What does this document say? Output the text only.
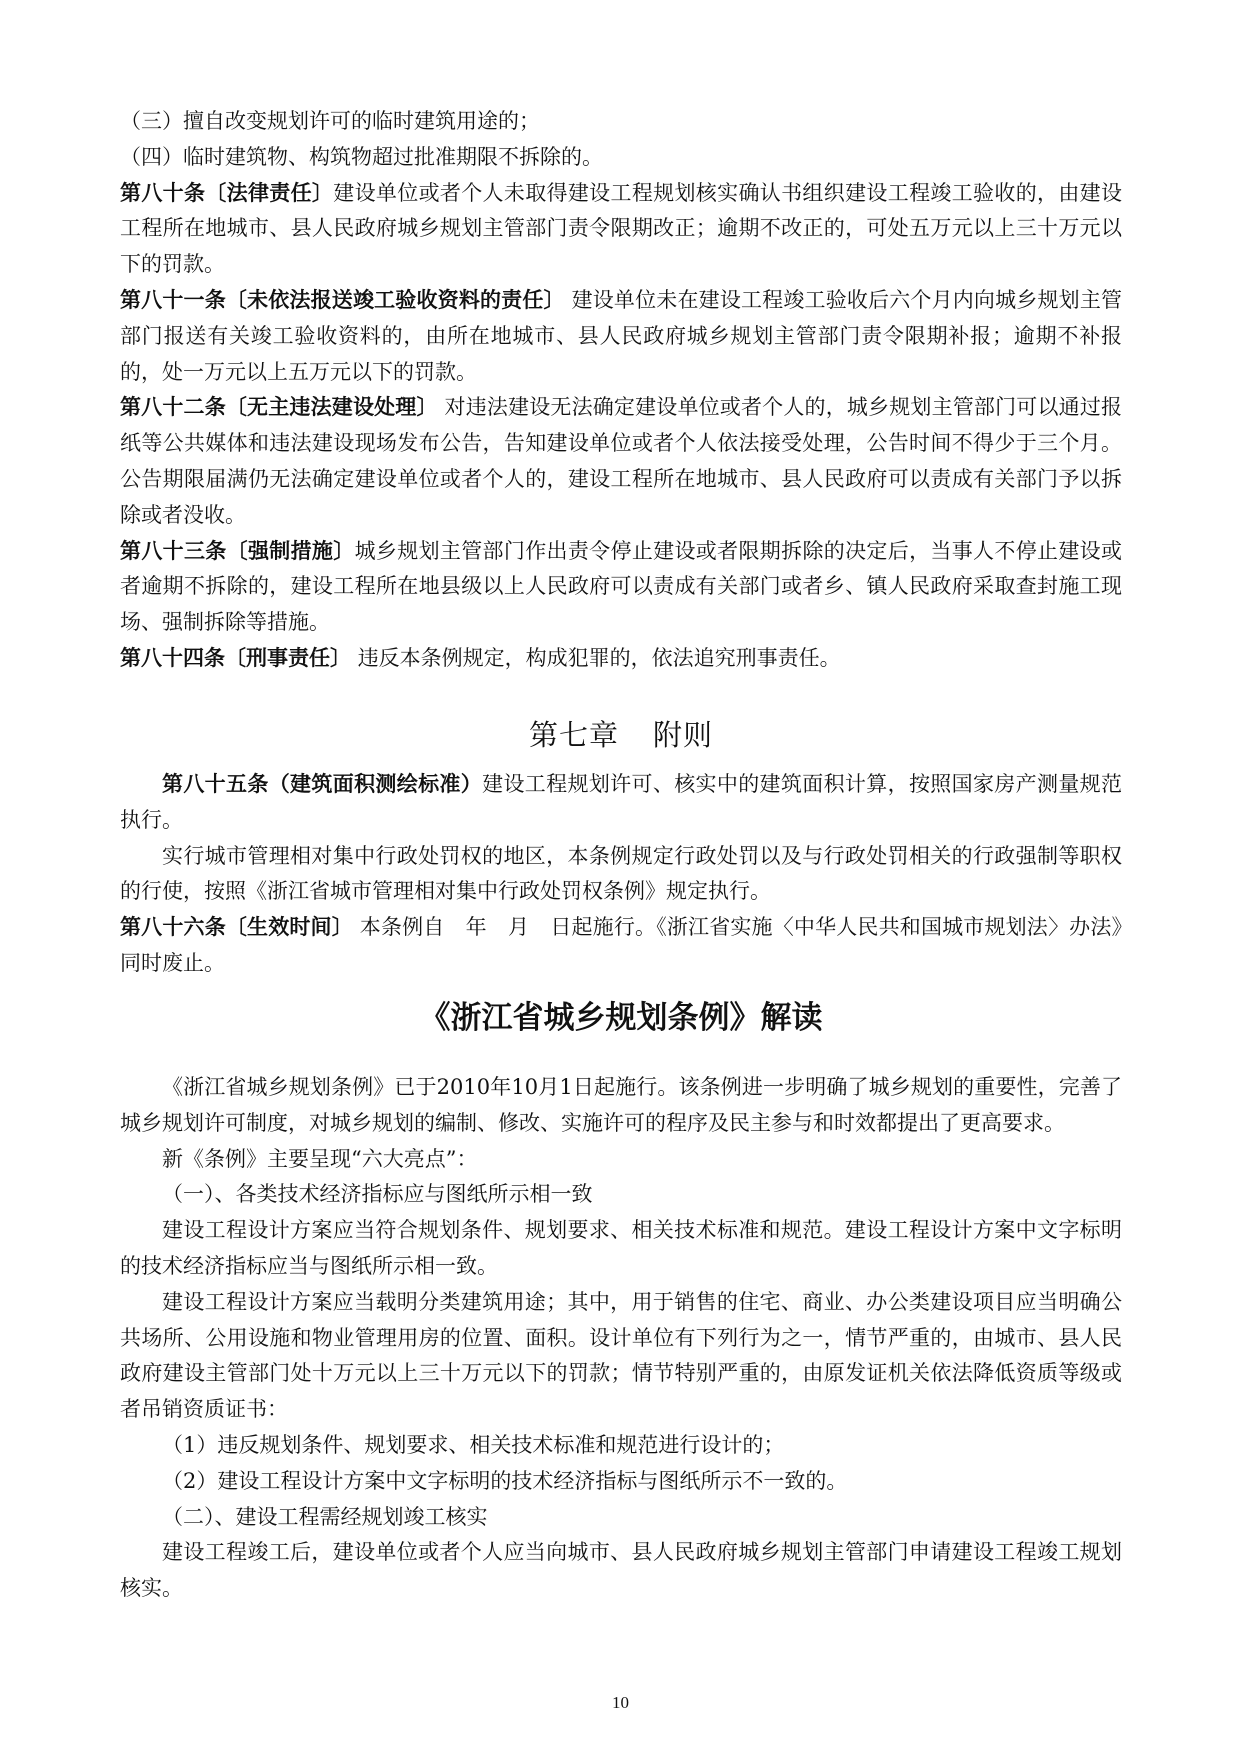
（三）擅自改变规划许可的临时建筑用途的；

（四）临时建筑物、构筑物超过批准期限不拆除的。

第八十条〔法律责任〕建设单位或者个人未取得建设工程规划核实确认书组织建设工程竣工验收的，由建设工程所在地城市、县人民政府城乡规划主管部门责令限期改正；逾期不改正的，可处五万元以上三十万元以下的罚款。

第八十一条〔未依法报送竣工验收资料的责任〕 建设单位未在建设工程竣工验收后六个月内向城乡规划主管部门报送有关竣工验收资料的，由所在地城市、县人民政府城乡规划主管部门责令限期补报；逾期不补报的，处一万元以上五万元以下的罚款。

第八十二条〔无主违法建设处理〕 对违法建设无法确定建设单位或者个人的，城乡规划主管部门可以通过报纸等公共媒体和违法建设现场发布公告，告知建设单位或者个人依法接受处理，公告时间不得少于三个月。公告期限届满仍无法确定建设单位或者个人的，建设工程所在地城市、县人民政府可以责成有关部门予以拆除或者没收。

第八十三条〔强制措施〕城乡规划主管部门作出责令停止建设或者限期拆除的决定后，当事人不停止建设或者逾期不拆除的，建设工程所在地县级以上人民政府可以责成有关部门或者乡、镇人民政府采取查封施工现场、强制拆除等措施。

第八十四条〔刑事责任〕 违反本条例规定，构成犯罪的，依法追究刑事责任。

第七章 附则

第八十五条（建筑面积测绘标准）建设工程规划许可、核实中的建筑面积计算，按照国家房产测量规范执行。

实行城市管理相对集中行政处罚权的地区，本条例规定行政处罚以及与行政处罚相关的行政强制等职权的行使，按照《浙江省城市管理相对集中行政处罚权条例》规定执行。

第八十六条〔生效时间〕 本条例自　年　月　日起施行。《浙江省实施〈中华人民共和国城市规划法〉办法》同时废止。

《浙江省城乡规划条例》解读

《浙江省城乡规划条例》已于2010年10月1日起施行。该条例进一步明确了城乡规划的重要性，完善了城乡规划许可制度，对城乡规划的编制、修改、实施许可的程序及民主参与和时效都提出了更高要求。

新《条例》主要呈现“六大亮点”：

（一）、各类技术经济指标应与图纸所示相一致

建设工程设计方案应当符合规划条件、规划要求、相关技术标准和规范。建设工程设计方案中文字标明的技术经济指标应当与图纸所示相一致。

建设工程设计方案应当载明分类建筑用途；其中，用于销售的住宅、商业、办公类建设项目应当明确公共场所、公用设施和物业管理用房的位置、面积。设计单位有下列行为之一，情节严重的，由城市、县人民政府建设主管部门处十万元以上三十万元以下的罚款；情节特别严重的，由原发证机关依法降低资质等级或者吊销资质证书：

（1）违反规划条件、规划要求、相关技术标准和规范进行设计的；

（2）建设工程设计方案中文字标明的技术经济指标与图纸所示不一致的。

（二）、建设工程需经规划竣工核实

建设工程竣工后，建设单位或者个人应当向城市、县人民政府城乡规划主管部门申请建设工程竣工规划核实。

10
